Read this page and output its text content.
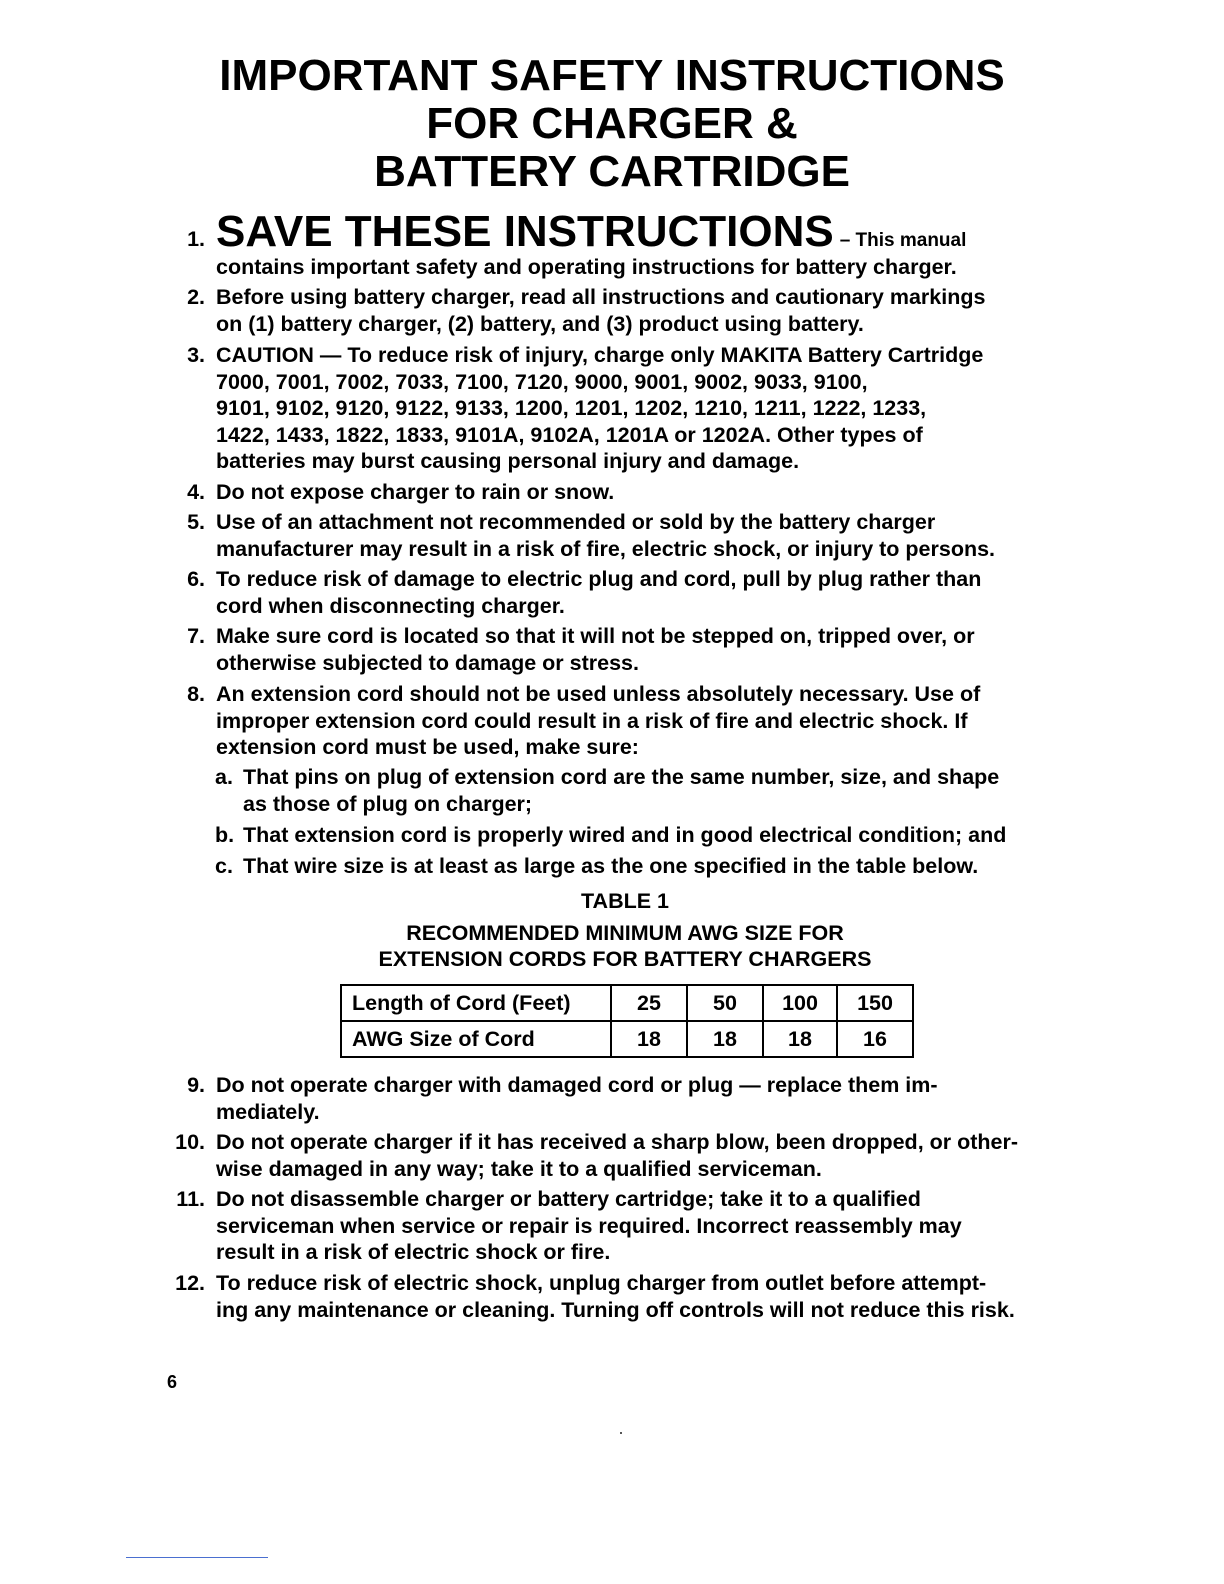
IMPORTANT SAFETY INSTRUCTIONS
FOR CHARGER &
BATTERY CARTRIDGE
1. SAVE THESE INSTRUCTIONS – This manual
contains important safety and operating instructions for battery charger.
2. Before using battery charger, read all instructions and cautionary markings
on (1) battery charger, (2) battery, and (3) product using battery.
3. CAUTION — To reduce risk of injury, charge only MAKITA Battery Cartridge
7000, 7001, 7002, 7033, 7100, 7120, 9000, 9001, 9002, 9033, 9100,
9101, 9102, 9120, 9122, 9133, 1200, 1201, 1202, 1210, 1211, 1222, 1233,
1422, 1433, 1822, 1833, 9101A, 9102A, 1201A or 1202A. Other types of
batteries may burst causing personal injury and damage.
4. Do not expose charger to rain or snow.
5. Use of an attachment not recommended or sold by the battery charger
manufacturer may result in a risk of fire, electric shock, or injury to persons.
6. To reduce risk of damage to electric plug and cord, pull by plug rather than
cord when disconnecting charger.
7. Make sure cord is located so that it will not be stepped on, tripped over, or
otherwise subjected to damage or stress.
8. An extension cord should not be used unless absolutely necessary. Use of
improper extension cord could result in a risk of fire and electric shock. If
extension cord must be used, make sure:
a. That pins on plug of extension cord are the same number, size, and shape
as those of plug on charger;
b. That extension cord is properly wired and in good electrical condition; and
c. That wire size is at least as large as the one specified in the table below.
TABLE 1
RECOMMENDED MINIMUM AWG SIZE FOR
EXTENSION CORDS FOR BATTERY CHARGERS
Length of Cord (Feet)	25	50	100	150
AWG Size of Cord	18	18	18	16
9. Do not operate charger with damaged cord or plug — replace them im-
mediately.
10. Do not operate charger if it has received a sharp blow, been dropped, or other-
wise damaged in any way; take it to a qualified serviceman.
11. Do not disassemble charger or battery cartridge; take it to a qualified
serviceman when service or repair is required. Incorrect reassembly may
result in a risk of electric shock or fire.
12. To reduce risk of electric shock, unplug charger from outlet before attempt-
ing any maintenance or cleaning. Turning off controls will not reduce this risk.
6
